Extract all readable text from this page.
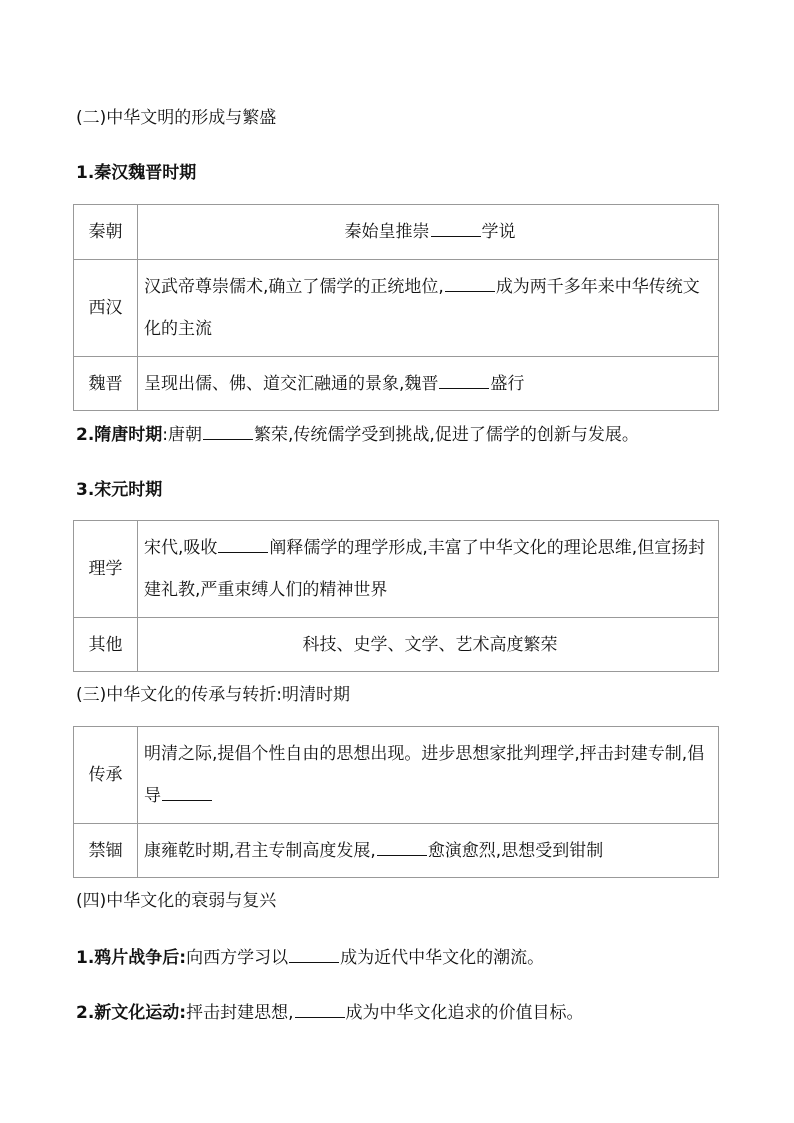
(二)中华文明的形成与繁盛
1.秦汉魏晋时期
秦朝	秦始皇推崇 学说
西汉	汉武帝尊崇儒术,确立了儒学的正统地位, 成为两千多年来中华传统文化的主流
魏晋	呈现出儒、佛、道交汇融通的景象,魏晋 盛行
2.隋唐时期:唐朝	繁荣,传统儒学受到挑战,促进了儒学的创新与发展。
3.宋元时期
理学	宋代,吸收 阐释儒学的理学形成,丰富了中华文化的理论思维,但宣扬封建礼教,严重束缚人们的精神世界
其他	科技、史学、文学、艺术高度繁荣
(三)中华文化的传承与转折:明清时期
传承	明清之际,提倡个性自由的思想出现。进步思想家批判理学,抨击封建专制,倡导
禁锢	康雍乾时期,君主专制高度发展, 愈演愈烈,思想受到钳制
(四)中华文化的衰弱与复兴
1.鸦片战争后:向西方学习以	成为近代中华文化的潮流。
2.新文化运动:抨击封建思想,	成为中华文化追求的价值目标。
